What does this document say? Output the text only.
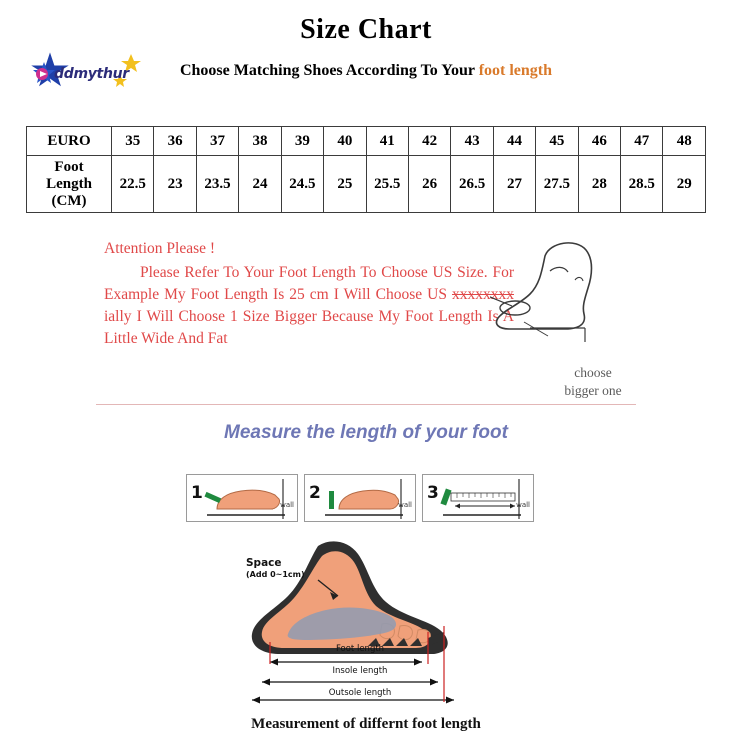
Size Chart
ddmythur	Choose Matching Shoes According To Your foot length
EURO	35	36	37	38	39	40	41	42	43	44	45	46	47	48

Foot
Length
(CM)	22.5	23	23.5	24	24.5	25	25.5	26	26.5	27	27.5	28	28.5	29

Attention Please !

Please Refer To Your Foot Length To Choose US Size. For Example My Foot Length Is 25 cm I Will Choose US xxxxxxxx ially I Will Choose 1 Size Bigger Because My Foot Length Is A Little Wide And Fat

choose
bigger one
Measure the length of your foot
1
wall
2
wall
3
wall
Space
(Add 0~1cm)
Foot length
Insole length
Outsole length
Measurement of differnt foot length
